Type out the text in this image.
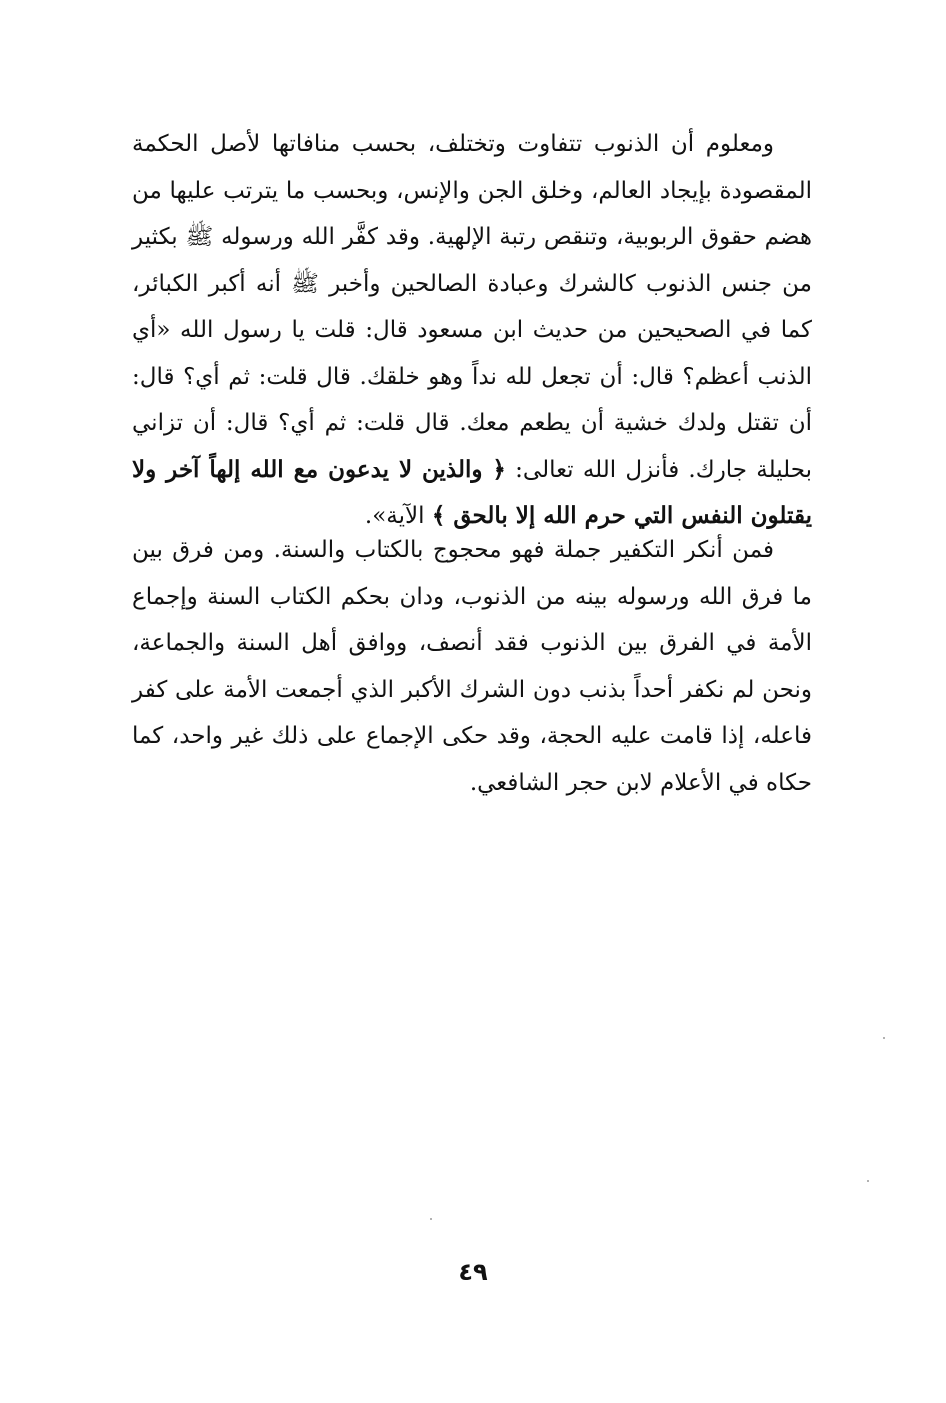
ومعلوم أن الذنوب تتفاوت وتختلف، بحسب منافاتها لأصل الحكمة المقصودة بإيجاد العالم، وخلق الجن والإنس، وبحسب ما يترتب عليها من هضم حقوق الربوبية، وتنقص رتبة الإلهية. وقد كفَّر الله ورسوله ﷺ بكثير من جنس الذنوب كالشرك وعبادة الصالحين وأخبر ﷺ أنه أكبر الكبائر، كما في الصحيحين من حديث ابن مسعود قال: قلت يا رسول الله «أي الذنب أعظم؟ قال: أن تجعل لله نداً وهو خلقك. قال قلت: ثم أي؟ قال: أن تقتل ولدك خشية أن يطعم معك. قال قلت: ثم أي؟ قال: أن تزاني بحليلة جارك. فأنزل الله تعالى: ﴿ والذين لا يدعون مع الله إلهاً آخر ولا يقتلون النفس التي حرم الله إلا بالحق ﴾ الآية».

فمن أنكر التكفير جملة فهو محجوج بالكتاب والسنة. ومن فرق بين ما فرق الله ورسوله بينه من الذنوب، ودان بحكم الكتاب السنة وإجماع الأمة في الفرق بين الذنوب فقد أنصف، ووافق أهل السنة والجماعة، ونحن لم نكفر أحداً بذنب دون الشرك الأكبر الذي أجمعت الأمة على كفر فاعله، إذا قامت عليه الحجة، وقد حكى الإجماع على ذلك غير واحد، كما حكاه في الأعلام لابن حجر الشافعي.

٤٩
